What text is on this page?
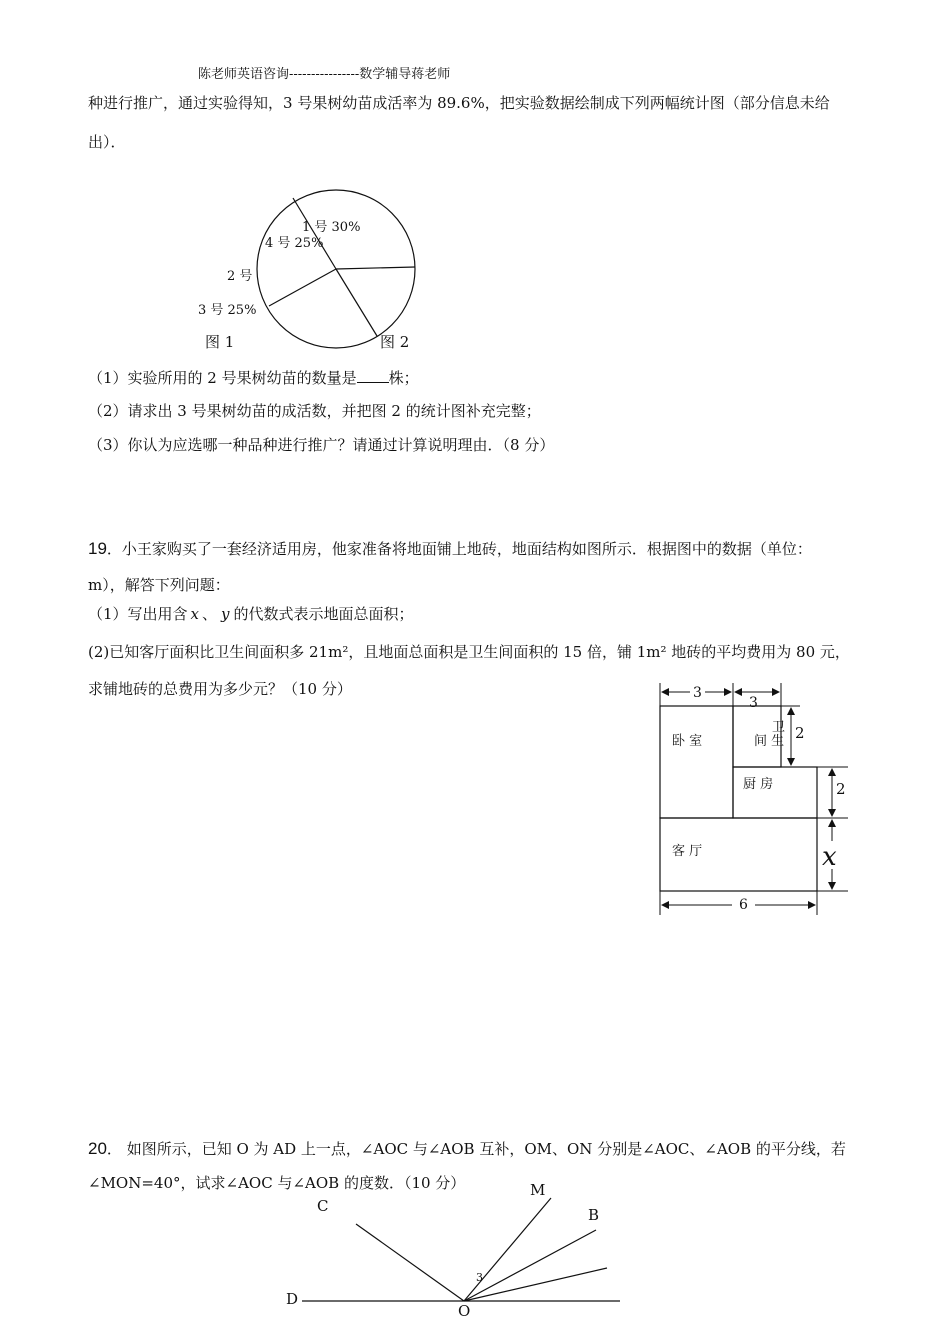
陈老师英语咨询----------------数学辅导蒋老师
种进行推广，通过实验得知，3 号果树幼苗成活率为 89.6%，把实验数据绘制成下列两幅统计图（部分信息未给
出）．
1 号 30%
4 号 25%
2 号
3 号 25%
图 1	图 2
（1）实验所用的 2 号果树幼苗的数量是 株；
（2）请求出 3 号果树幼苗的成活数，并把图 2 的统计图补充完整；
（3）你认为应选哪一种品种进行推广？请通过计算说明理由．（8 分）
19．小王家购买了一套经济适用房，他家准备将地面铺上地砖，地面结构如图所示．根据图中的数据（单位：
m），解答下列问题：
（1）写出用含 x 、 y 的代数式表示地面总面积；
(2)已知客厅面积比卫生间面积多 21m²，且地面总面积是卫生间面积的 15 倍，铺 1m² 地砖的平均费用为 80 元，
求铺地砖的总费用为多少元？（10 分）	3
3
2
2
x
6
卧 室
卫
间 生
厨 房
客 厅
20． 如图所示，已知 O 为 AD 上一点，∠AOC 与∠AOB 互补，OM、ON 分别是∠AOC、∠AOB 的平分线，若
∠MON=40°，试求∠AOC 与∠AOB 的度数．（10 分）
C
M
B
D
O
3
